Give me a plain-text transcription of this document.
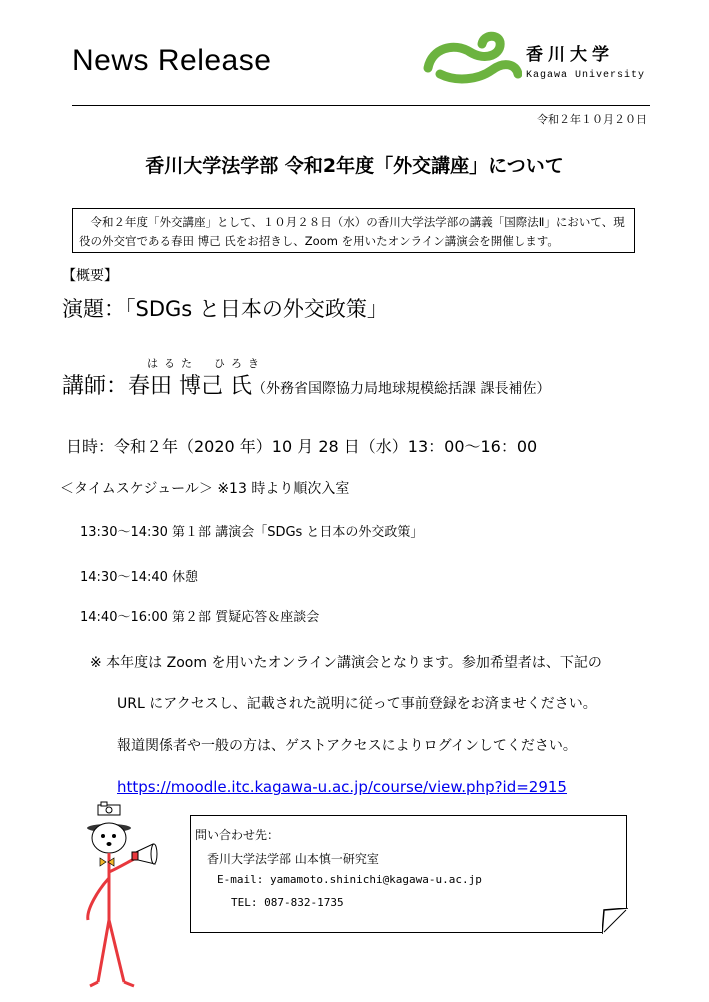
News Release	香川大学
Kagawa University
令和２年１０月２０日
香川大学法学部 令和2年度「外交講座」について

令和２年度「外交講座」として、１０月２８日（水）の香川大学法学部の講義「国際法Ⅱ」において、現役の外交官である春田 博己 氏をお招きし、Zoom を用いたオンライン講演会を開催します。

【概要】
演題：「SDGs と日本の外交政策」
はるた ひろき
講師：春田 博己 氏（外務省国際協力局地球規模総括課 課長補佐）
日時：令和２年（2020 年）10 月 28 日（水）13：00～16：00
＜タイムスケジュール＞ ※13 時より順次入室
13:30～14:30 第１部 講演会「SDGs と日本の外交政策」
14:30～14:40 休憩
14:40～16:00 第２部 質疑応答＆座談会
※ 本年度は Zoom を用いたオンライン講演会となります。参加希望者は、下記の
URL にアクセスし、記載された説明に従って事前登録をお済ませください。
報道関係者や一般の方は、ゲストアクセスによりログインしてください。
https://moodle.itc.kagawa-u.ac.jp/course/view.php?id=2915
問い合わせ先：
香川大学法学部 山本慎一研究室
E-mail: yamamoto.shinichi@kagawa-u.ac.jp
TEL: 087-832-1735
